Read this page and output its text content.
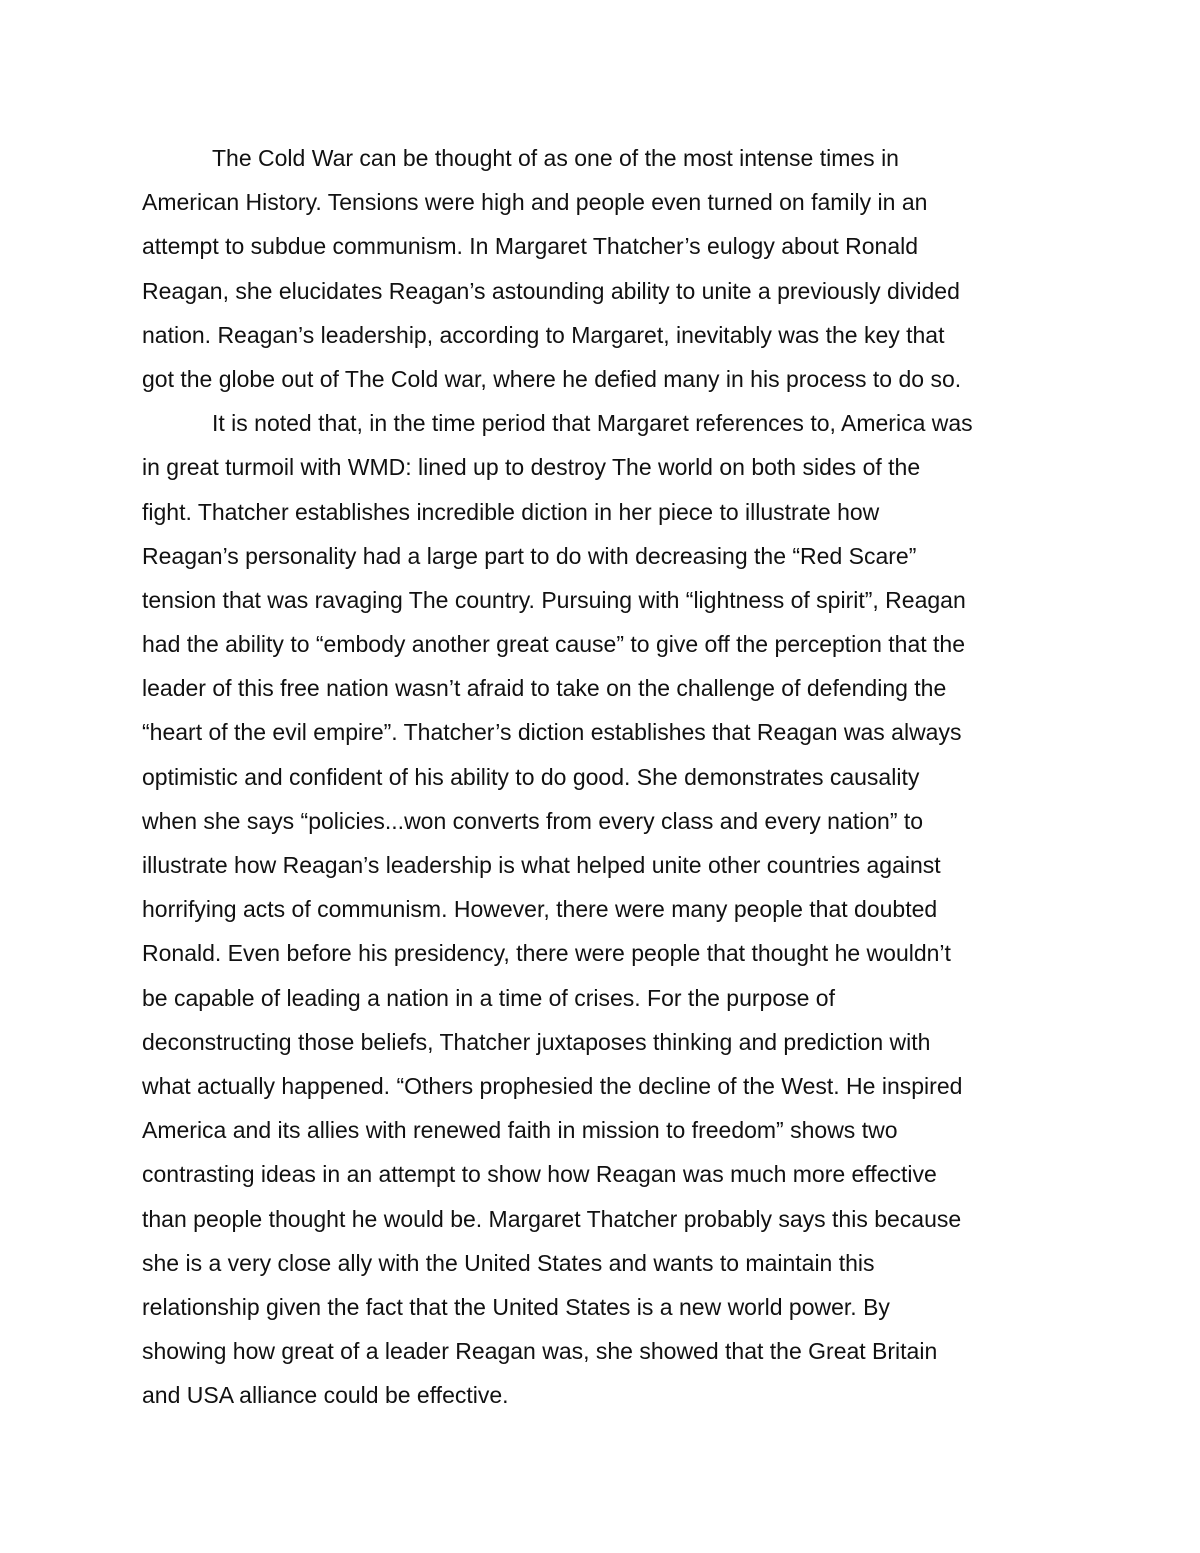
The Cold War can be thought of as one of the most intense times in
American History. Tensions were high and people even turned on family in an
attempt to subdue communism. In Margaret Thatcher’s eulogy about Ronald
Reagan, she elucidates Reagan’s astounding ability to unite a previously divided
nation. Reagan’s leadership, according to Margaret, inevitably was the key that
got the globe out of The Cold war, where he defied many in his process to do so.
It is noted that, in the time period that Margaret references to, America was
in great turmoil with WMD: lined up to destroy The world on both sides of the
fight. Thatcher establishes incredible diction in her piece to illustrate how
Reagan’s personality had a large part to do with decreasing the “Red Scare”
tension that was ravaging The country. Pursuing with “lightness of spirit”, Reagan
had the ability to “embody another great cause” to give off the perception that the
leader of this free nation wasn’t afraid to take on the challenge of defending the
“heart of the evil empire”. Thatcher’s diction establishes that Reagan was always
optimistic and confident of his ability to do good. She demonstrates causality
when she says “policies...won converts from every class and every nation” to
illustrate how Reagan’s leadership is what helped unite other countries against
horrifying acts of communism. However, there were many people that doubted
Ronald. Even before his presidency, there were people that thought he wouldn’t
be capable of leading a nation in a time of crises. For the purpose of
deconstructing those beliefs, Thatcher juxtaposes thinking and prediction with
what actually happened. “Others prophesied the decline of the West. He inspired
America and its allies with renewed faith in mission to freedom” shows two
contrasting ideas in an attempt to show how Reagan was much more effective
than people thought he would be. Margaret Thatcher probably says this because
she is a very close ally with the United States and wants to maintain this
relationship given the fact that the United States is a new world power. By
showing how great of a leader Reagan was, she showed that the Great Britain
and USA alliance could be effective.
